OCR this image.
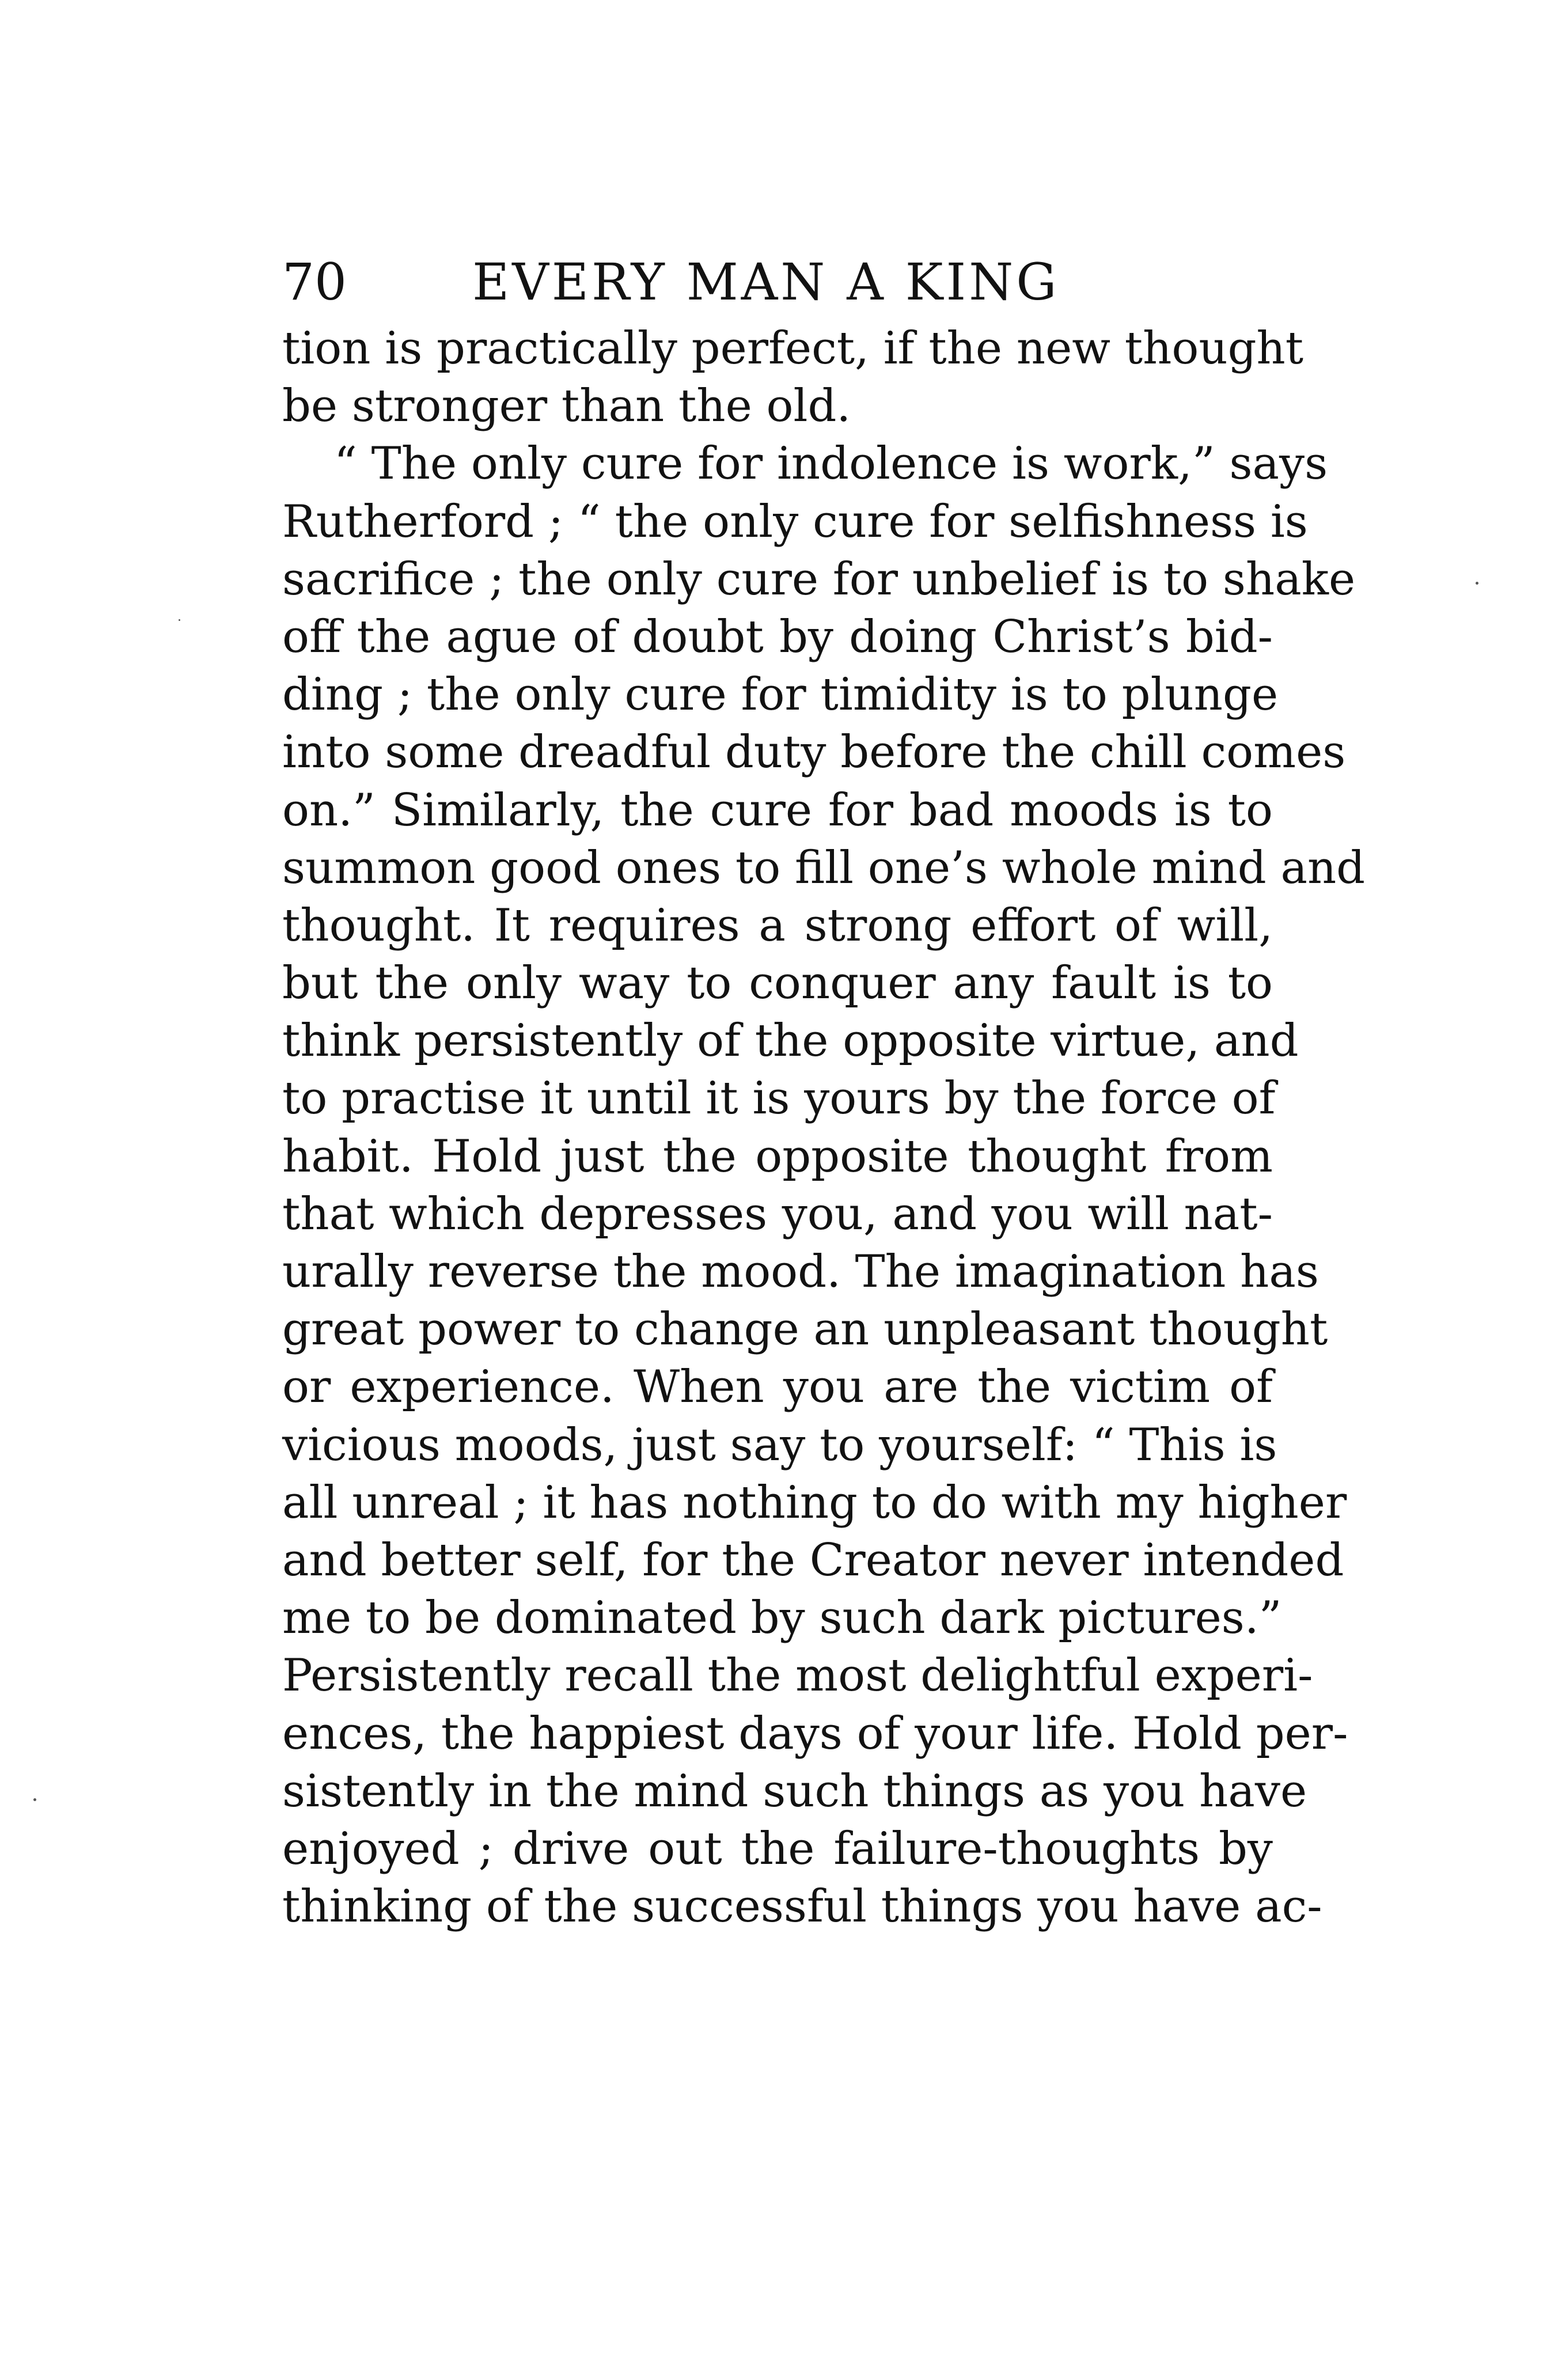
70 EVERY MAN A KING
tion is practically perfect, if the new thought
be stronger than the old.
“ The only cure for indolence is work,” says
Rutherford ; “ the only cure for selfishness is
sacrifice ; the only cure for unbelief is to shake
off the ague of doubt by doing Christ’s bid-
ding ; the only cure for timidity is to plunge
into some dreadful duty before the chill comes
on.” Similarly, the cure for bad moods is to
summon good ones to fill one’s whole mind and
thought. It requires a strong effort of will,
but the only way to conquer any fault is to
think persistently of the opposite virtue, and
to practise it until it is yours by the force of
habit. Hold just the opposite thought from
that which depresses you, and you will nat-
urally reverse the mood. The imagination has
great power to change an unpleasant thought
or experience. When you are the victim of
vicious moods, just say to yourself: “ This is
all unreal ; it has nothing to do with my higher
and better self, for the Creator never intended
me to be dominated by such dark pictures.”
Persistently recall the most delightful experi-
ences, the happiest days of your life. Hold per-
sistently in the mind such things as you have
enjoyed ; drive out the failure-thoughts by
thinking of the successful things you have ac-
